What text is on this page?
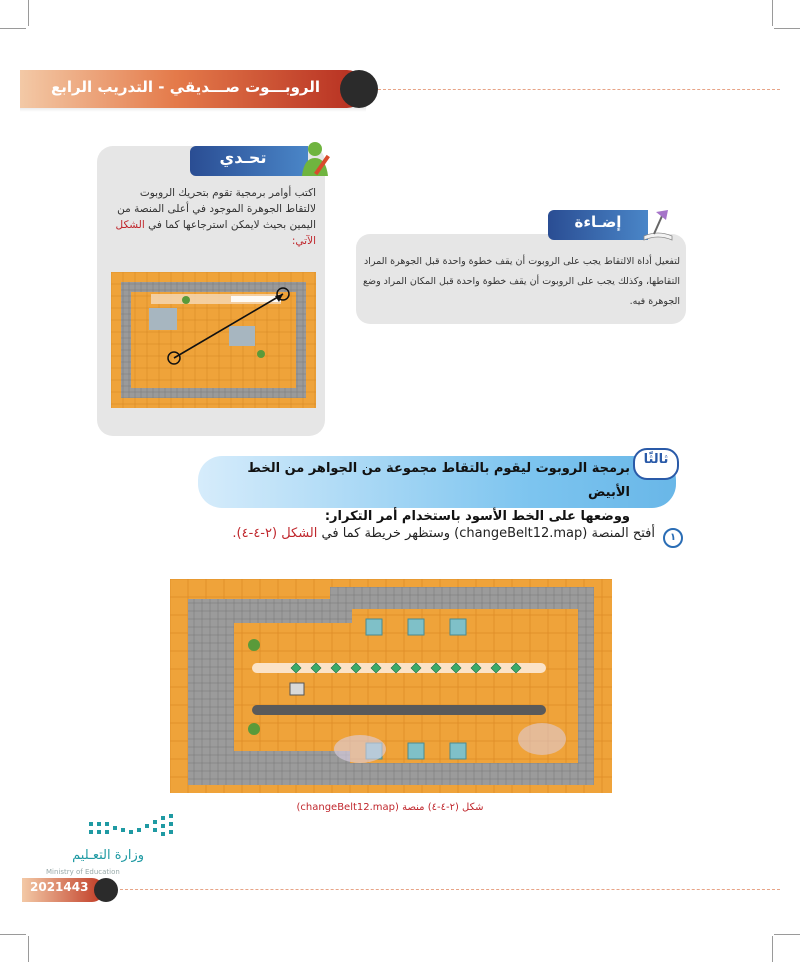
الروبـــوت صـــديقي - التدريب الرابع
تحـدي
اكتب أوامر برمجية تقوم بتحريك الروبوت لالتقاط الجوهرة الموجود في أعلى المنصة من اليمين بحيث لايمكن استرجاعها كما في الشكل الآتي:
إضـاءة
لتفعيل أداة الالتقاط يجب على الروبوت أن يقف خطوة واحدة قبل الجوهرة المراد التقاطها، وكذلك يجب على الروبوت أن يقف خطوة واحدة قبل المكان المراد وضع الجوهرة فيه.
ثالثًا
برمجة الروبوت ليقوم بالتقاط مجموعة من الجواهر من الخط الأبيض
ووضعها على الخط الأسود باستخدام أمر التكرار:
١
أفتح المنصة (changeBelt12.map) وستظهر خريطة كما في الشكل (٢-٤-٤).
شكل (٢-٤-٤) منصة (changeBelt12.map)
وزارة التعـليم
Ministry of Education
2021443
